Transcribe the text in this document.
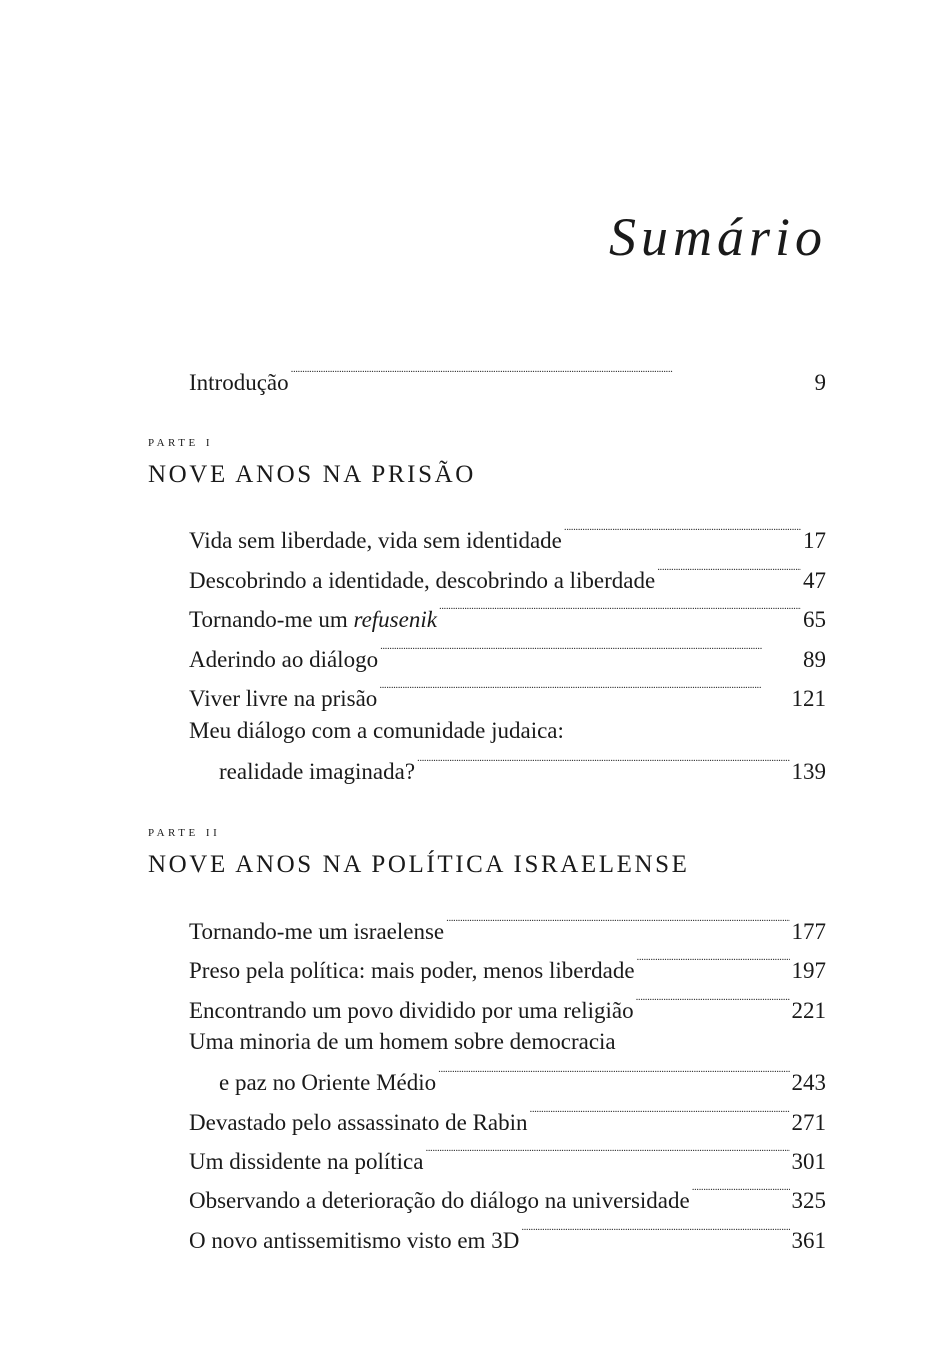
Sumário
Introdução . . .	9
parte i
NOVE ANOS NA PRISÃO
Vida sem liberdade, vida sem identidade . . .	17
Descobrindo a identidade, descobrindo a liberdade . . .	47
Tornando-me um refusenik . . .	65
Aderindo ao diálogo . . .	89
Viver livre na prisão . . .	121
Meu diálogo com a comunidade judaica:
realidade imaginada? . . .	139
parte ii
NOVE ANOS NA POLÍTICA ISRAELENSE
Tornando-me um israelense . . .	177
Preso pela política: mais poder, menos liberdade . . .	197
Encontrando um povo dividido por uma religião . . .	221
Uma minoria de um homem sobre democracia
e paz no Oriente Médio . . .	243
Devastado pelo assassinato de Rabin . . .	271
Um dissidente na política . . .	301
Observando a deterioração do diálogo na universidade . . .	325
O novo antissemitismo visto em 3D . . .	361
